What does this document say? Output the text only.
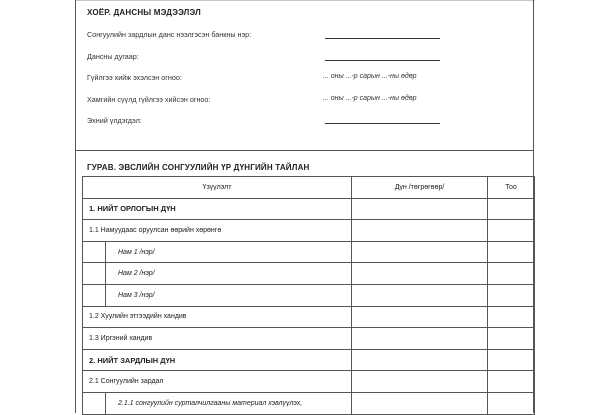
ХОЁР. ДАНСНЫ МЭДЭЭЛЭЛ
Сонгуулийн зардлын данс нээлгэсэн банкны нэр:
Дансны дугаар:
Гүйлгээ хийж эхэлсэн огноо:	... оны ...-р сарын ...-ны өдөр
Хамгийн сүүлд гүйлгээ хийсэн огноо:	... оны ...-р сарын ...-ны өдөр
Эхний үлдэгдэл:
ГУРАВ. ЭВСЛИЙН СОНГУУЛИЙН ҮР ДҮНГИЙН ТАЙЛАН
Үзүүлэлт	Дүн /төгрөгөөр/	Тоо
1. НИЙТ ОРЛОГЫН ДҮН		
1.1 Намуудаас оруулсан өөрийн хөрөнгө		

Нам 1 /нэр/		

Нам 2 /нэр/		

Нам 3 /нэр/		

1.2 Хуулийн этгээдийн хандив		
1.3 Иргэний хандив		
2. НИЙТ ЗАРДЛЫН ДҮН		
2.1 Сонгуулийн зардал		

2.1.1 сонгуулийн сурталчилгааны материал хэвлүүлэх,		
